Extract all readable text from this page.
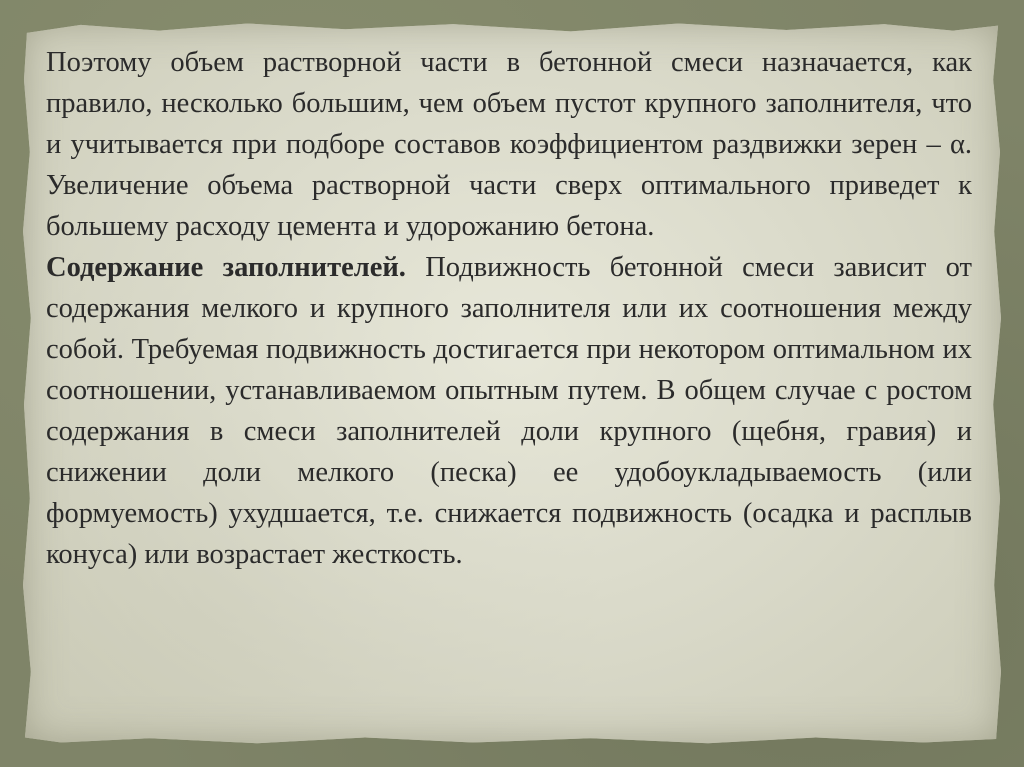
Поэтому объем растворной части в бетонной смеси назначается, как правило, несколько большим, чем объем пустот крупного заполнителя, что и учитывается при подборе составов коэффициентом раздвижки зерен – α. Увеличение объема растворной части сверх оптимального приведет к большему расходу цемента и удорожанию бетона.

Содержание заполнителей. Подвижность бетонной смеси зависит от содержания мелкого и крупного заполнителя или их соотношения между собой. Требуемая подвижность достигается при некотором оптимальном их соотношении, устанавливаемом опытным путем. В общем случае с ростом содержания в смеси заполнителей доли крупного (щебня, гравия) и снижении доли мелкого (песка) ее удобоукладываемость (или формуемость) ухудшается, т.е. снижается подвижность (осадка и расплыв конуса) или возрастает жесткость.
